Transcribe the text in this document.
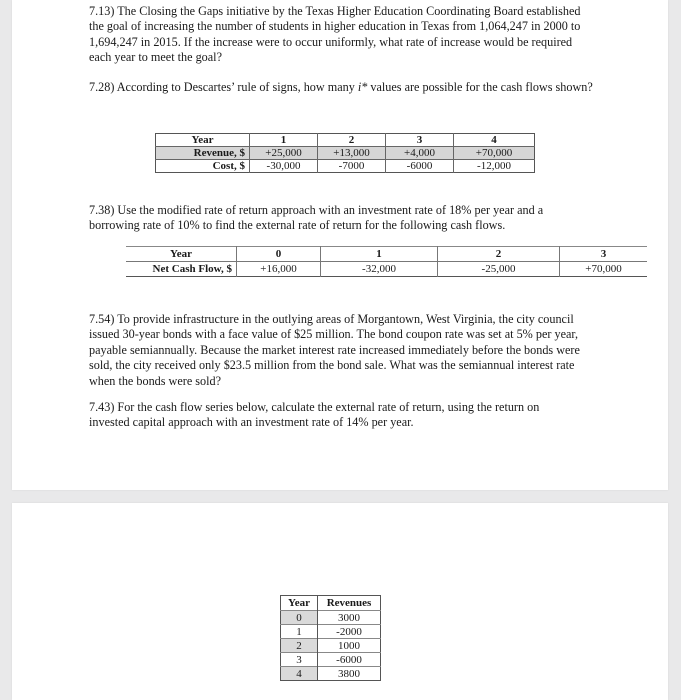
7.13) The Closing the Gaps initiative by the Texas Higher Education Coordinating Board established the goal of increasing the number of students in higher education in Texas from 1,064,247 in 2000 to 1,694,247 in 2015. If the increase were to occur uniformly, what rate of increase would be required each year to meet the goal?

7.28) According to Descartes’ rule of signs, how many i* values are possible for the cash flows shown?

Year	1	2	3	4
Revenue, $	+25,000	+13,000	+4,000	+70,000
Cost, $	-30,000	-7000	-6000	-12,000

7.38) Use the modified rate of return approach with an investment rate of 18% per year and a borrowing rate of 10% to find the external rate of return for the following cash flows.

Year	0	1	2	3
Net Cash Flow, $	+16,000	-32,000	-25,000	+70,000

7.54) To provide infrastructure in the outlying areas of Morgantown, West Virginia, the city council issued 30-year bonds with a face value of $25 million. The bond coupon rate was set at 5% per year, payable semiannually. Because the market interest rate increased immediately before the bonds were sold, the city received only $23.5 million from the bond sale. What was the semiannual interest rate when the bonds were sold?

7.43) For the cash flow series below, calculate the external rate of return, using the return on invested capital approach with an investment rate of 14% per year.

Year	Revenues
0	3000
1	-2000
2	1000
3	-6000
4	3800
